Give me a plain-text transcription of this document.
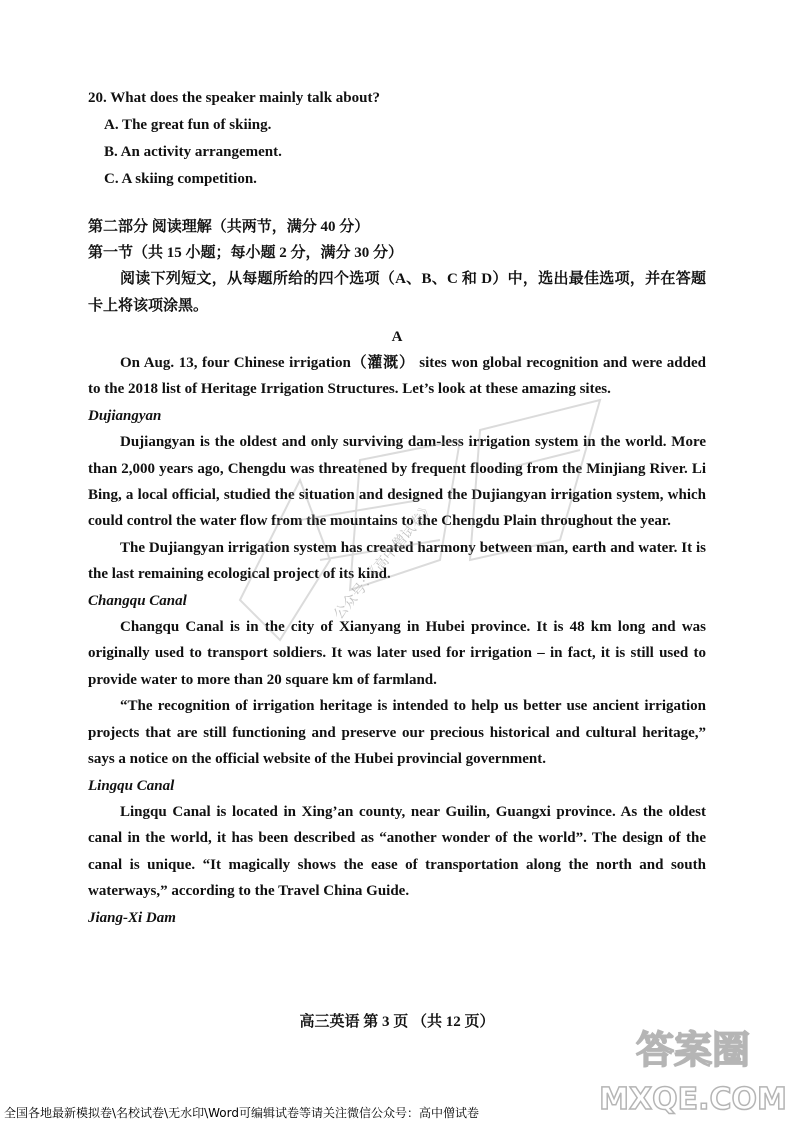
20. What does the speaker mainly talk about?

A. The great fun of skiing.

B. An activity arrangement.

C. A skiing competition.

第二部分 阅读理解（共两节，满分 40 分）

第一节（共 15 小题；每小题 2 分，满分 30 分）

阅读下列短文，从每题所给的四个选项（A、B、C 和 D）中，选出最佳选项，并在答题卡上将该项涂黑。

A

On Aug. 13, four Chinese irrigation（灌溉） sites won global recognition and were added to the 2018 list of Heritage Irrigation Structures. Let’s look at these amazing sites.

Dujiangyan

Dujiangyan is the oldest and only surviving dam-less irrigation system in the world. More than 2,000 years ago, Chengdu was threatened by frequent flooding from the Minjiang River. Li Bing, a local official, studied the situation and designed the Dujiangyan irrigation system, which could control the water flow from the mountains to the Chengdu Plain throughout the year.

The Dujiangyan irrigation system has created harmony between man, earth and water. It is the last remaining ecological project of its kind.

Changqu Canal

Changqu Canal is in the city of Xianyang in Hubei province. It is 48 km long and was originally used to transport soldiers. It was later used for irrigation – in fact, it is still used to provide water to more than 20 square km of farmland.

“The recognition of irrigation heritage is intended to help us better use ancient irrigation projects that are still functioning and preserve our precious historical and cultural heritage,” says a notice on the official website of the Hubei provincial government.

Lingqu Canal

Lingqu Canal is located in Xing’an county, near Guilin, Guangxi province. As the oldest canal in the world, it has been described as “another wonder of the world”. The design of the canal is unique. “It magically shows the ease of transportation along the north and south waterways,” according to the Travel China Guide.

Jiang-Xi Dam

高三英语 第 3 页 （共 12 页）
公众号：《高中僧试卷》
答案圈
MXQE.COM
全国各地最新模拟卷\名校试卷\无水印\Word可编辑试卷等请关注微信公众号：高中僧试卷
